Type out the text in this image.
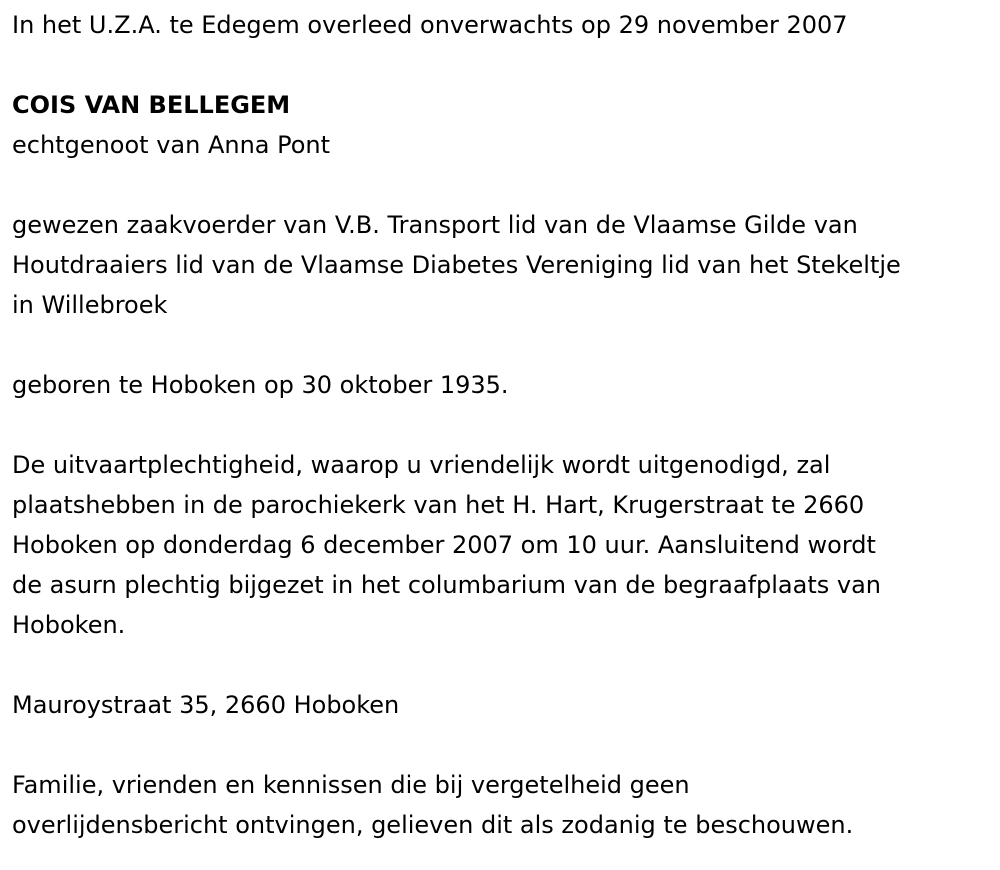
In het U.Z.A. te Edegem overleed onverwachts op 29 november 2007
COIS VAN BELLEGEM
echtgenoot van Anna Pont
gewezen zaakvoerder van V.B. Transport lid van de Vlaamse Gilde van
Houtdraaiers lid van de Vlaamse Diabetes Vereniging lid van het Stekeltje
in Willebroek
geboren te Hoboken op 30 oktober 1935.
De uitvaartplechtigheid, waarop u vriendelijk wordt uitgenodigd, zal
plaatshebben in de parochiekerk van het H. Hart, Krugerstraat te 2660
Hoboken op donderdag 6 december 2007 om 10 uur. Aansluitend wordt
de asurn plechtig bijgezet in het columbarium van de begraafplaats van
Hoboken.
Mauroystraat 35, 2660 Hoboken
Familie, vrienden en kennissen die bij vergetelheid geen
overlijdensbericht ontvingen, gelieven dit als zodanig te beschouwen.
